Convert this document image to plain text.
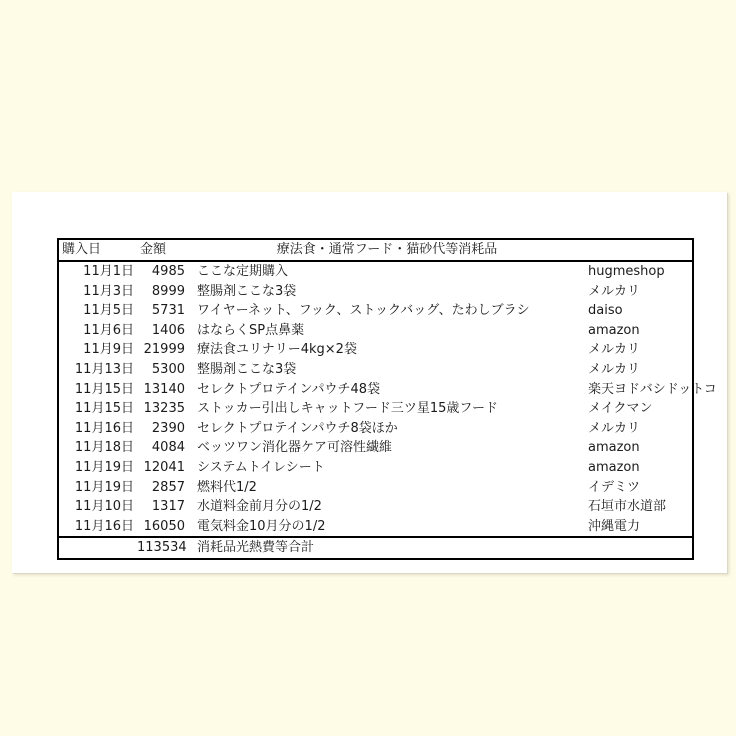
購入日	金額	療法食・通常フード・猫砂代等消耗品
11月1日	4985 ここな定期購入	hugmeshop
11月3日	8999 整腸剤ここな3袋	メルカリ
11月5日	5731 ワイヤーネット、フック、ストックバッグ、たわしブラシ	daiso
11月6日	1406 はならくSP点鼻薬	amazon
11月9日 21999 療法食ユリナリー4kg×2袋	メルカリ
11月13日	5300 整腸剤ここな3袋	メルカリ
11月15日 13140 セレクトプロテインパウチ48袋	楽天ヨドバシドットコ
11月15日 13235 ストッカー引出しキャットフード三ツ星15歳フード	メイクマン
11月16日	2390 セレクトプロテインパウチ8袋ほか	メルカリ
11月18日	4084 ベッツワン消化器ケア可溶性繊維	amazon
11月19日 12041 システムトイレシート	amazon
11月19日	2857 燃料代1/2	イデミツ
11月10日	1317 水道料金前月分の1/2	石垣市水道部
11月16日 16050 電気料金10月分の1/2	沖縄電力
113534 消耗品光熱費等合計
